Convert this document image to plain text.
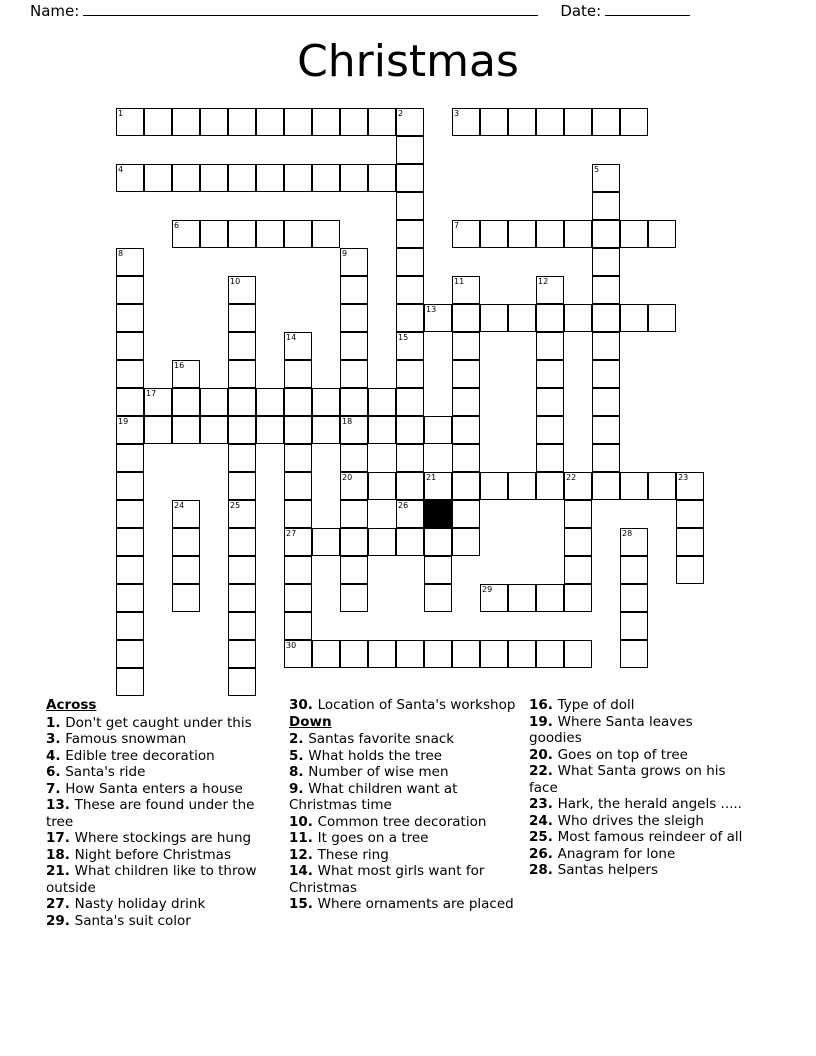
Name:	Date:
Christmas
1	2	3
4	5
6	7
8	9
10	11	12
13
14	15
16
17
19	18
20	21	22	23
24	25	26
27	28
29
30
Across
1. Don't get caught under this
3. Famous snowman
4. Edible tree decoration
6. Santa's ride
7. How Santa enters a house
13. These are found under the tree
17. Where stockings are hung
18. Night before Christmas
21. What children like to throw outside
27. Nasty holiday drink
29. Santa's suit color
30. Location of Santa's workshop
Down
2. Santas favorite snack
5. What holds the tree
8. Number of wise men
9. What children want at Christmas time
10. Common tree decoration
11. It goes on a tree
12. These ring
14. What most girls want for Christmas
15. Where ornaments are placed
16. Type of doll
19. Where Santa leaves goodies
20. Goes on top of tree
22. What Santa grows on his face
23. Hark, the herald angels .....
24. Who drives the sleigh
25. Most famous reindeer of all
26. Anagram for lone
28. Santas helpers
